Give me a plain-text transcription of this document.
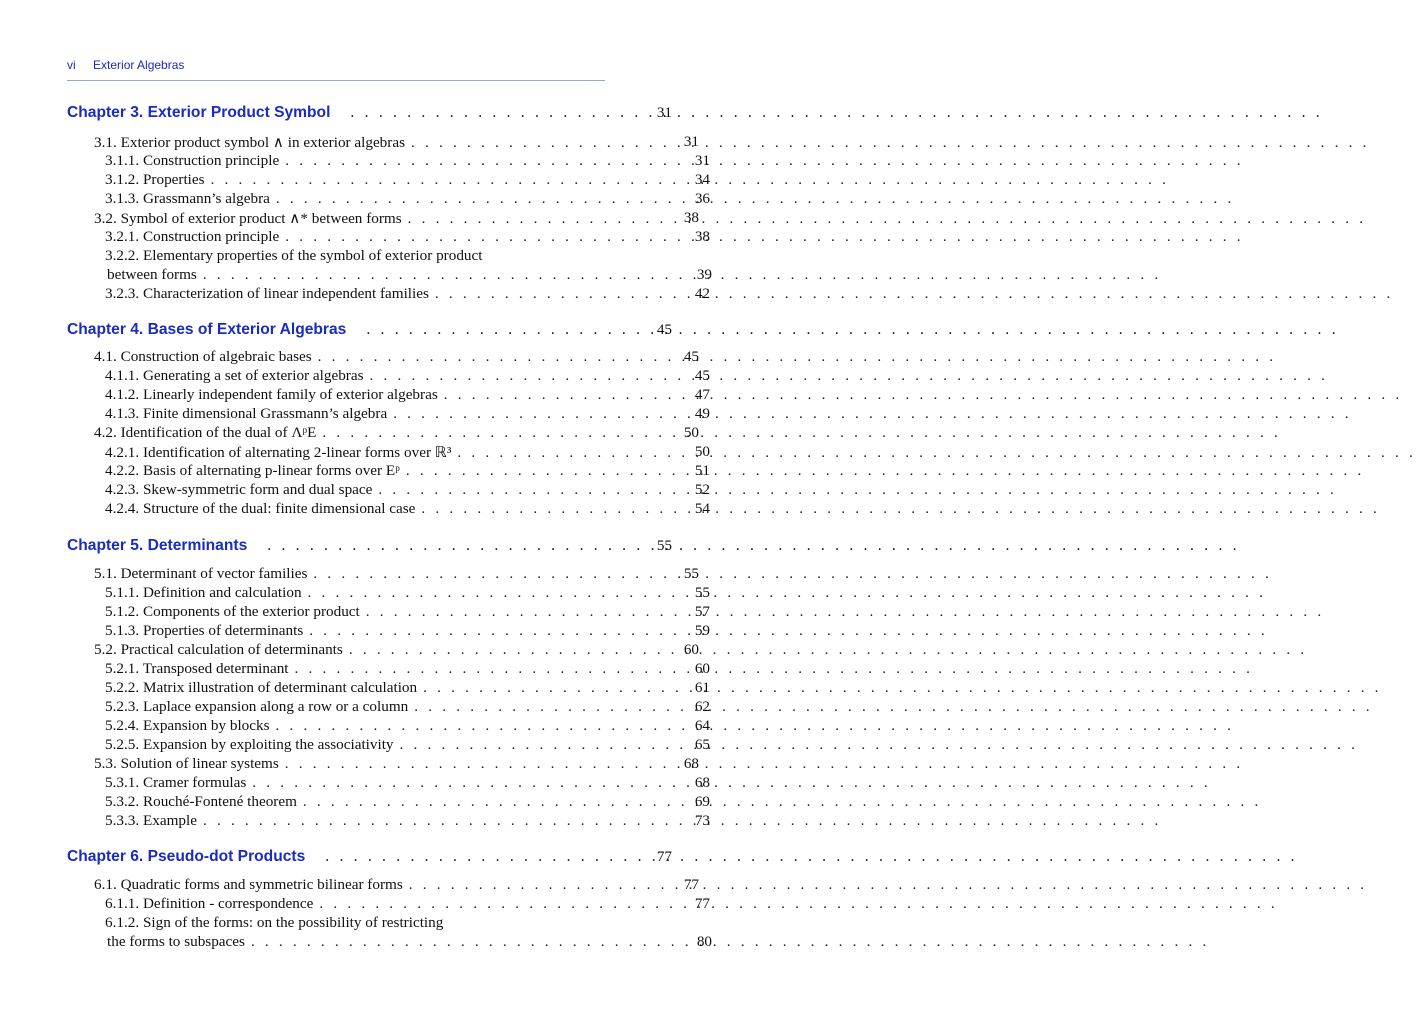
vi Exterior Algebras
Chapter 3. Exterior Product Symbol . . .	31
3.1. Exterior product symbol ∧ in exterior algebras . . .	31
3.1.1. Construction principle . . .	31
3.1.2. Properties . . .	34
3.1.3. Grassmann’s algebra . . .	36
3.2. Symbol of exterior product ∧* between forms . . .	38
3.2.1. Construction principle . . .	38
3.2.2. Elementary properties of the symbol of exterior product
between forms . . .	39
3.2.3. Characterization of linear independent families . . .	42
Chapter 4. Bases of Exterior Algebras . . .	45
4.1. Construction of algebraic bases . . .	45
4.1.1. Generating a set of exterior algebras . . .	45
4.1.2. Linearly independent family of exterior algebras . . .	47
4.1.3. Finite dimensional Grassmann’s algebra . . .	49
4.2. Identification of the dual of ΛᵖE . . .	50
4.2.1. Identification of alternating 2-linear forms over ℝ³ . . .	50
4.2.2. Basis of alternating p-linear forms over Eᵖ . . .	51
4.2.3. Skew-symmetric form and dual space . . .	52
4.2.4. Structure of the dual: finite dimensional case . . .	54
Chapter 5. Determinants . . .	55
5.1. Determinant of vector families . . .	55
5.1.1. Definition and calculation . . .	55
5.1.2. Components of the exterior product . . .	57
5.1.3. Properties of determinants . . .	59
5.2. Practical calculation of determinants . . .	60
5.2.1. Transposed determinant . . .	60
5.2.2. Matrix illustration of determinant calculation . . .	61
5.2.3. Laplace expansion along a row or a column . . .	62
5.2.4. Expansion by blocks . . .	64
5.2.5. Expansion by exploiting the associativity . . .	65
5.3. Solution of linear systems . . .	68
5.3.1. Cramer formulas . . .	68
5.3.2. Rouché-Fontené theorem . . .	69
5.3.3. Example . . .	73
Chapter 6. Pseudo-dot Products . . .	77
6.1. Quadratic forms and symmetric bilinear forms . . .	77
6.1.1. Definition - correspondence . . .	77
6.1.2. Sign of the forms: on the possibility of restricting
the forms to subspaces . . .	80
